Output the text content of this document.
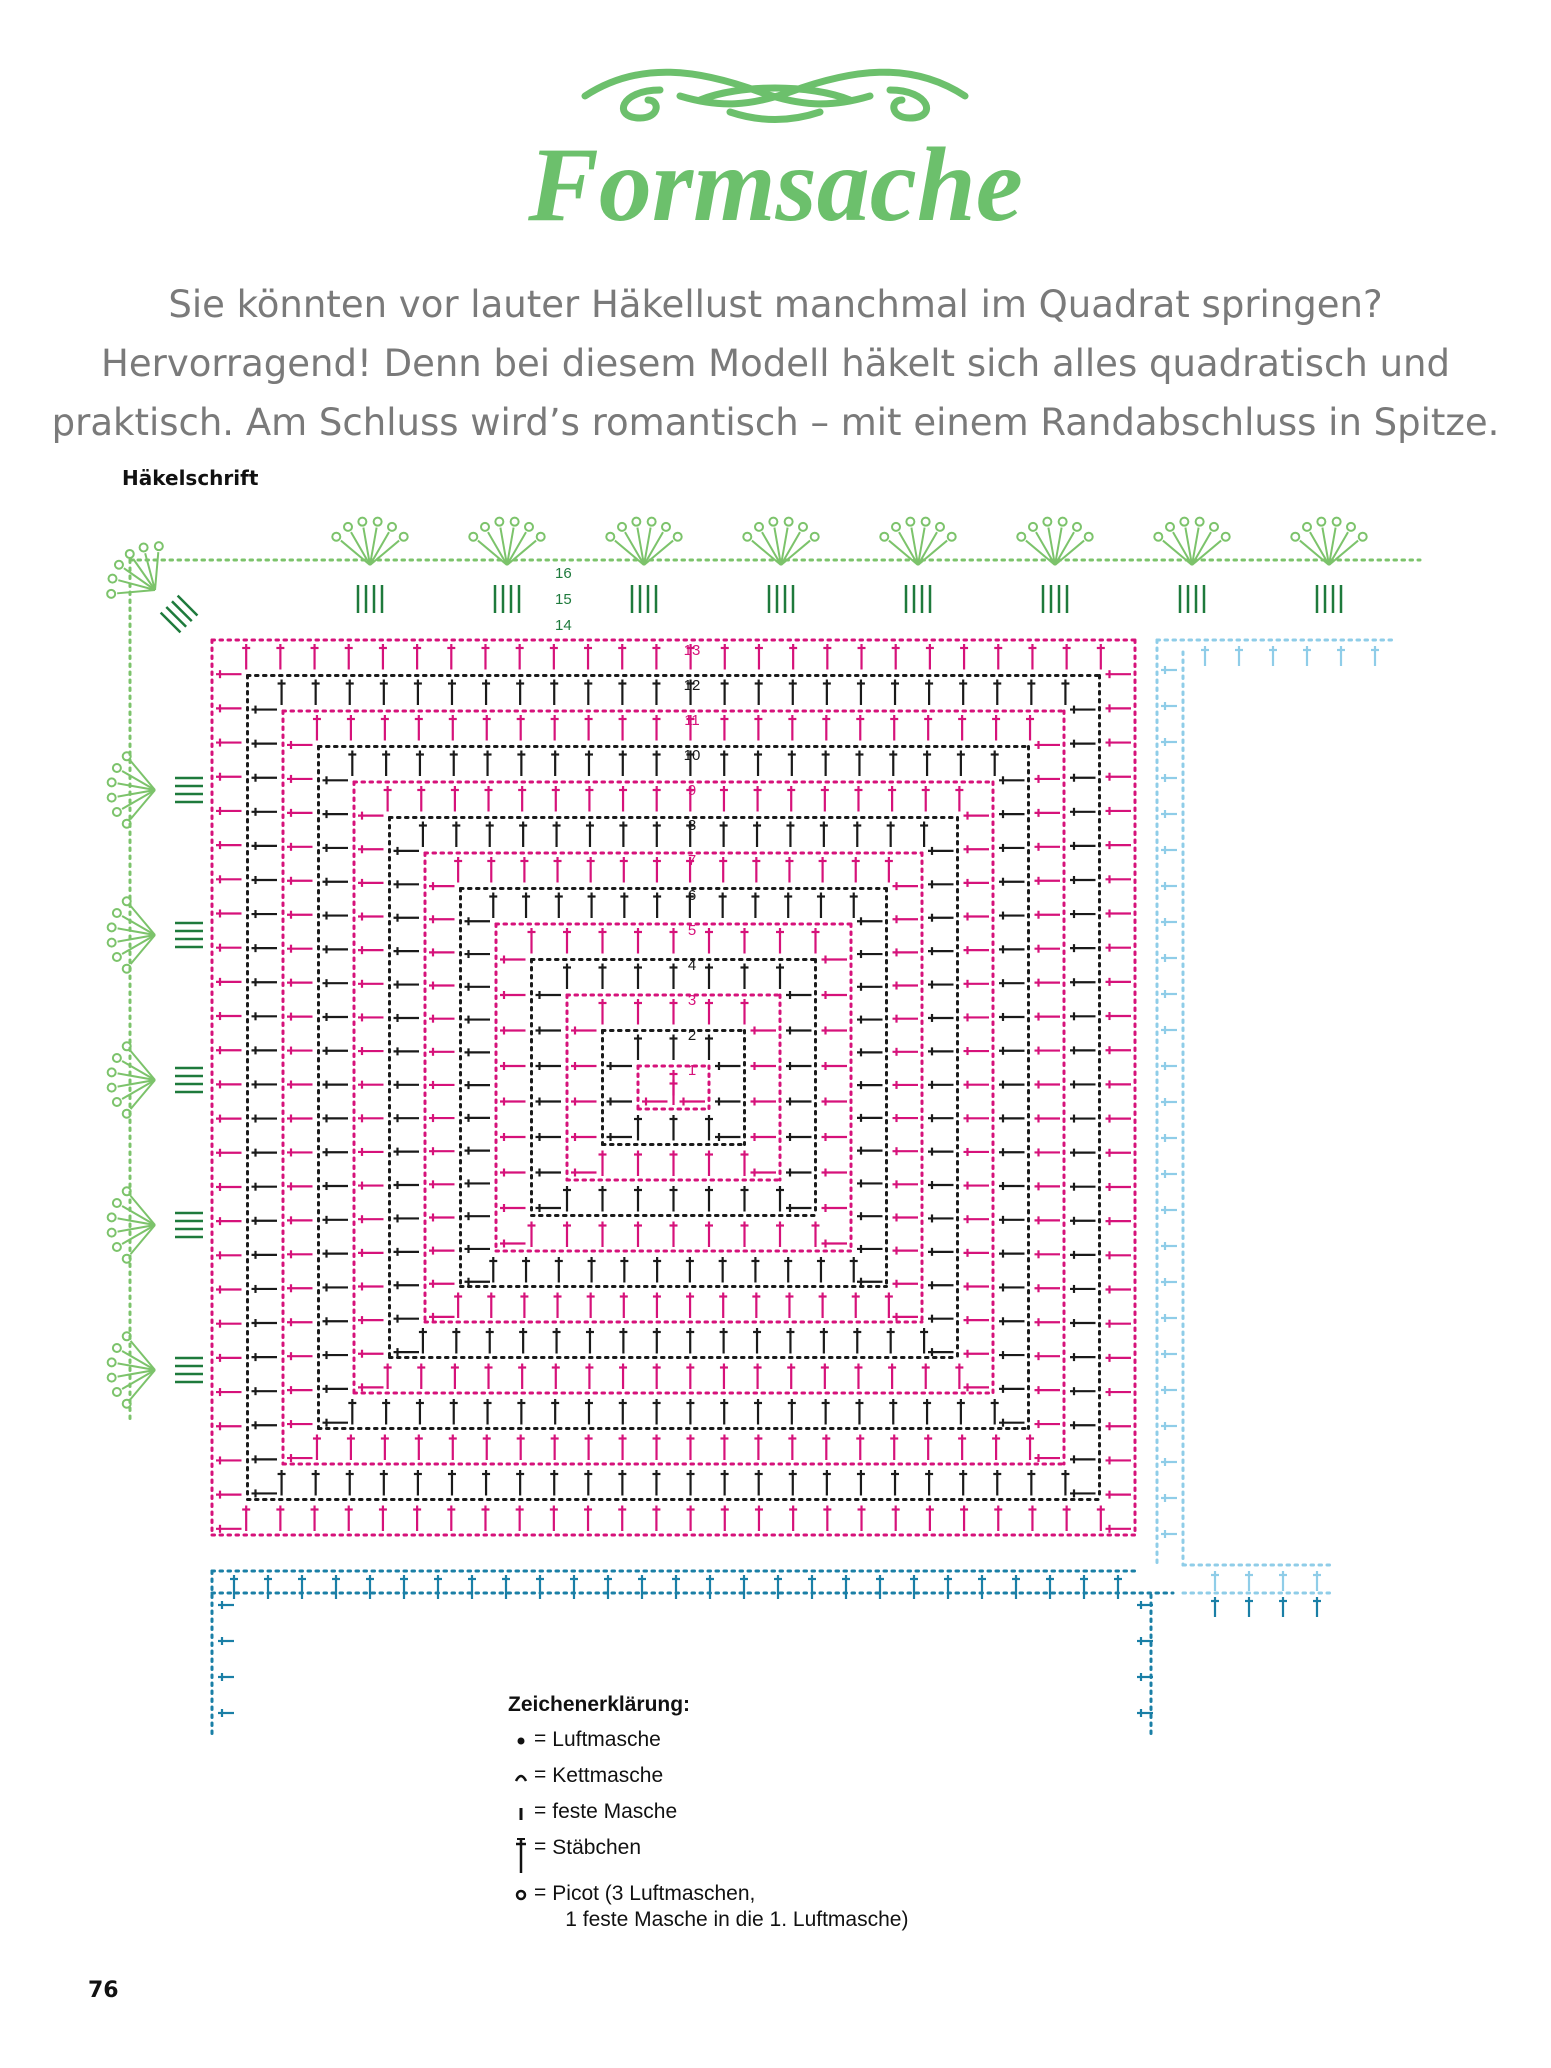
Formsache
Sie könnten vor lauter Häkellust manchmal im Quadrat springen?
Hervorragend! Denn bei diesem Modell häkelt sich alles quadratisch und
praktisch. Am Schluss wird’s romantisch – mit einem Randabschluss in Spitze.
Häkelschrift
1
2
3
4
5
6
7
8
9
10
11
12
13
14
15
16
Zeichenerklärung:
= Luftmasche
= Kettmasche
= feste Masche
= Stäbchen
= Picot (3 Luftmaschen,
1 feste Masche in die 1. Luftmasche)
76
